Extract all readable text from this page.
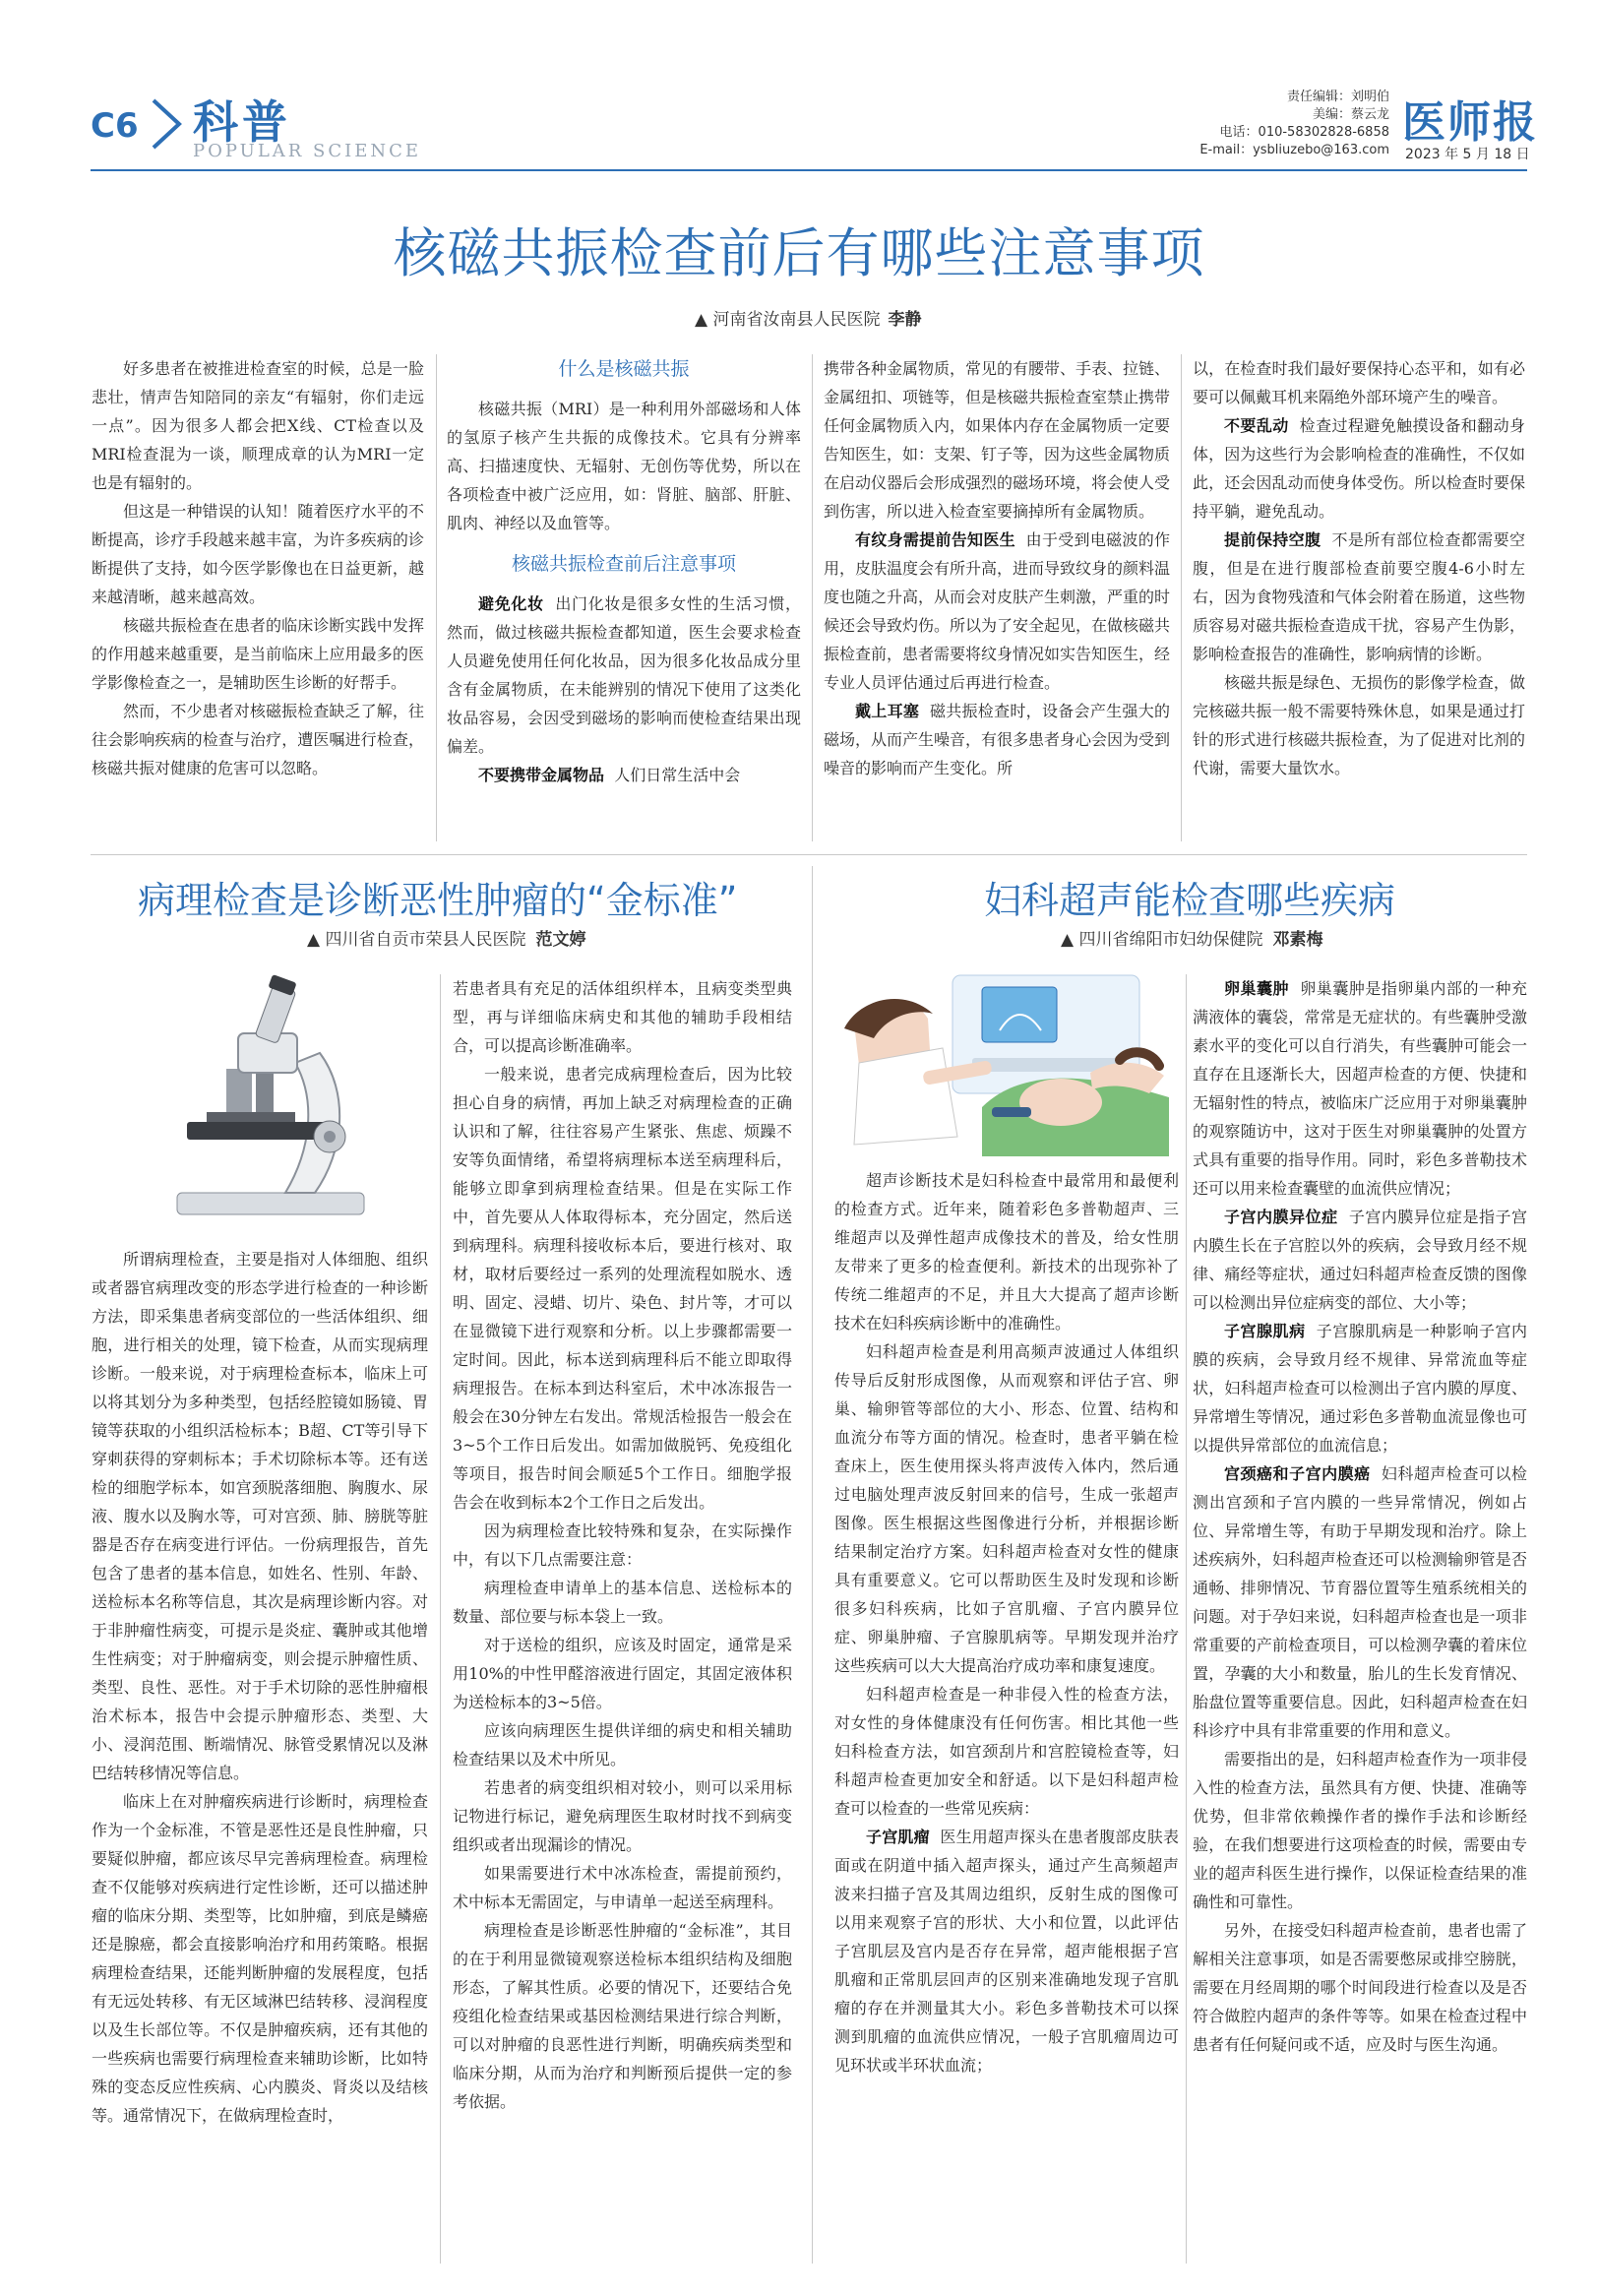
C6 科普
POPULAR SCIENCE
责任编辑：刘明伯
美编：蔡云龙
电话：010-58302828-6858
E-mail：ysbliuzebo@163.com
医师报
2023 年 5 月 18 日
核磁共振检查前后有哪些注意事项
▲ 河南省汝南县人民医院 李静

好多患者在被推进检查室的时候，总是一脸悲壮，情声告知陪同的亲友“有辐射，你们走远一点”。因为很多人都会把X线、CT检查以及MRI检查混为一谈，顺理成章的认为MRI一定也是有辐射的。

但这是一种错误的认知！随着医疗水平的不断提高，诊疗手段越来越丰富，为许多疾病的诊断提供了支持，如今医学影像也在日益更新，越来越清晰，越来越高效。

核磁共振检查在患者的临床诊断实践中发挥的作用越来越重要，是当前临床上应用最多的医学影像检查之一，是辅助医生诊断的好帮手。

然而，不少患者对核磁振检查缺乏了解，往往会影响疾病的检查与治疗，遭医嘱进行检查，核磁共振对健康的危害可以忽略。

什么是核磁共振

核磁共振（MRI）是一种利用外部磁场和人体的氢原子核产生共振的成像技术。它具有分辨率高、扫描速度快、无辐射、无创伤等优势，所以在各项检查中被广泛应用，如：肾脏、脑部、肝脏、肌肉、神经以及血管等。

核磁共振检查前后注意事项

避免化妆 出门化妆是很多女性的生活习惯，然而，做过核磁共振检查都知道，医生会要求检查人员避免使用任何化妆品，因为很多化妆品成分里含有金属物质，在未能辨别的情况下使用了这类化妆品容易，会因受到磁场的影响而使检查结果出现偏差。

不要携带金属物品 人们日常生活中会

携带各种金属物质，常见的有腰带、手表、拉链、金属纽扣、项链等，但是核磁共振检查室禁止携带任何金属物质入内，如果体内存在金属物质一定要告知医生，如：支架、钉子等，因为这些金属物质在启动仪器后会形成强烈的磁场环境，将会使人受到伤害，所以进入检查室要摘掉所有金属物质。

有纹身需提前告知医生 由于受到电磁波的作用，皮肤温度会有所升高，进而导致纹身的颜料温度也随之升高，从而会对皮肤产生刺激，严重的时候还会导致灼伤。所以为了安全起见，在做核磁共振检查前，患者需要将纹身情况如实告知医生，经专业人员评估通过后再进行检查。

戴上耳塞 磁共振检查时，设备会产生强大的磁场，从而产生噪音，有很多患者身心会因为受到噪音的影响而产生变化。所

以，在检查时我们最好要保持心态平和，如有必要可以佩戴耳机来隔绝外部环境产生的噪音。

不要乱动 检查过程避免触摸设备和翻动身体，因为这些行为会影响检查的准确性，不仅如此，还会因乱动而使身体受伤。所以检查时要保持平躺，避免乱动。

提前保持空腹 不是所有部位检查都需要空腹，但是在进行腹部检查前要空腹4-6小时左右，因为食物残渣和气体会附着在肠道，这些物质容易对磁共振检查造成干扰，容易产生伪影，影响检查报告的准确性，影响病情的诊断。

核磁共振是绿色、无损伤的影像学检查，做完核磁共振一般不需要特殊休息，如果是通过打针的形式进行核磁共振检查，为了促进对比剂的代谢，需要大量饮水。

病理检查是诊断恶性肿瘤的“金标准”
▲ 四川省自贡市荣县人民医院 范文婷

所谓病理检查，主要是指对人体细胞、组织或者器官病理改变的形态学进行检查的一种诊断方法，即采集患者病变部位的一些活体组织、细胞，进行相关的处理，镜下检查，从而实现病理诊断。一般来说，对于病理检查标本，临床上可以将其划分为多种类型，包括经腔镜如肠镜、胃镜等获取的小组织活检标本；B超、CT等引导下穿刺获得的穿刺标本；手术切除标本等。还有送检的细胞学标本，如宫颈脱落细胞、胸腹水、尿液、腹水以及胸水等，可对宫颈、肺、膀胱等脏器是否存在病变进行评估。一份病理报告，首先包含了患者的基本信息，如姓名、性别、年龄、送检标本名称等信息，其次是病理诊断内容。对于非肿瘤性病变，可提示是炎症、囊肿或其他增生性病变；对于肿瘤病变，则会提示肿瘤性质、类型、良性、恶性。对于手术切除的恶性肿瘤根治术标本，报告中会提示肿瘤形态、类型、大小、浸润范围、断端情况、脉管受累情况以及淋巴结转移情况等信息。

临床上在对肿瘤疾病进行诊断时，病理检查作为一个金标准，不管是恶性还是良性肿瘤，只要疑似肿瘤，都应该尽早完善病理检查。病理检查不仅能够对疾病进行定性诊断，还可以描述肿瘤的临床分期、类型等，比如肿瘤，到底是鳞癌还是腺癌，都会直接影响治疗和用药策略。根据病理检查结果，还能判断肿瘤的发展程度，包括有无远处转移、有无区域淋巴结转移、浸润程度以及生长部位等。不仅是肿瘤疾病，还有其他的一些疾病也需要行病理检查来辅助诊断，比如特殊的变态反应性疾病、心内膜炎、肾炎以及结核等。通常情况下，在做病理检查时，

若患者具有充足的活体组织样本，且病变类型典型，再与详细临床病史和其他的辅助手段相结合，可以提高诊断准确率。

一般来说，患者完成病理检查后，因为比较担心自身的病情，再加上缺乏对病理检查的正确认识和了解，往往容易产生紧张、焦虑、烦躁不安等负面情绪，希望将病理标本送至病理科后，能够立即拿到病理检查结果。但是在实际工作中，首先要从人体取得标本，充分固定，然后送到病理科。病理科接收标本后，要进行核对、取材，取材后要经过一系列的处理流程如脱水、透明、固定、浸蜡、切片、染色、封片等，才可以在显微镜下进行观察和分析。以上步骤都需要一定时间。因此，标本送到病理科后不能立即取得病理报告。在标本到达科室后，术中冰冻报告一般会在30分钟左右发出。常规活检报告一般会在3~5个工作日后发出。如需加做脱钙、免疫组化等项目，报告时间会顺延5个工作日。细胞学报告会在收到标本2个工作日之后发出。

因为病理检查比较特殊和复杂，在实际操作中，有以下几点需要注意：

病理检查申请单上的基本信息、送检标本的数量、部位要与标本袋上一致。

对于送检的组织，应该及时固定，通常是采用10%的中性甲醛溶液进行固定，其固定液体积为送检标本的3~5倍。

应该向病理医生提供详细的病史和相关辅助检查结果以及术中所见。

若患者的病变组织相对较小，则可以采用标记物进行标记，避免病理医生取材时找不到病变组织或者出现漏诊的情况。

如果需要进行术中冰冻检查，需提前预约，术中标本无需固定，与申请单一起送至病理科。

病理检查是诊断恶性肿瘤的“金标准”，其目的在于利用显微镜观察送检标本组织结构及细胞形态，了解其性质。必要的情况下，还要结合免疫组化检查结果或基因检测结果进行综合判断，可以对肿瘤的良恶性进行判断，明确疾病类型和临床分期，从而为治疗和判断预后提供一定的参考依据。

妇科超声能检查哪些疾病
▲ 四川省绵阳市妇幼保健院 邓素梅

超声诊断技术是妇科检查中最常用和最便利的检查方式。近年来，随着彩色多普勒超声、三维超声以及弹性超声成像技术的普及，给女性朋友带来了更多的检查便利。新技术的出现弥补了传统二维超声的不足，并且大大提高了超声诊断技术在妇科疾病诊断中的准确性。

妇科超声检查是利用高频声波通过人体组织传导后反射形成图像，从而观察和评估子宫、卵巢、输卵管等部位的大小、形态、位置、结构和血流分布等方面的情况。检查时，患者平躺在检查床上，医生使用探头将声波传入体内，然后通过电脑处理声波反射回来的信号，生成一张超声图像。医生根据这些图像进行分析，并根据诊断结果制定治疗方案。妇科超声检查对女性的健康具有重要意义。它可以帮助医生及时发现和诊断很多妇科疾病，比如子宫肌瘤、子宫内膜异位症、卵巢肿瘤、子宫腺肌病等。早期发现并治疗这些疾病可以大大提高治疗成功率和康复速度。

妇科超声检查是一种非侵入性的检查方法，对女性的身体健康没有任何伤害。相比其他一些妇科检查方法，如宫颈刮片和宫腔镜检查等，妇科超声检查更加安全和舒适。以下是妇科超声检查可以检查的一些常见疾病：

子宫肌瘤 医生用超声探头在患者腹部皮肤表面或在阴道中插入超声探头，通过产生高频超声波来扫描子宫及其周边组织，反射生成的图像可以用来观察子宫的形状、大小和位置，以此评估子宫肌层及宫内是否存在异常，超声能根据子宫肌瘤和正常肌层回声的区别来准确地发现子宫肌瘤的存在并测量其大小。彩色多普勒技术可以探测到肌瘤的血流供应情况，一般子宫肌瘤周边可见环状或半环状血流；

卵巢囊肿 卵巢囊肿是指卵巢内部的一种充满液体的囊袋，常常是无症状的。有些囊肿受激素水平的变化可以自行消失，有些囊肿可能会一直存在且逐渐长大，因超声检查的方便、快捷和无辐射性的特点，被临床广泛应用于对卵巢囊肿的观察随访中，这对于医生对卵巢囊肿的处置方式具有重要的指导作用。同时，彩色多普勒技术还可以用来检查囊壁的血流供应情况；

子宫内膜异位症 子宫内膜异位症是指子宫内膜生长在子宫腔以外的疾病，会导致月经不规律、痛经等症状，通过妇科超声检查反馈的图像可以检测出异位症病变的部位、大小等；

子宫腺肌病 子宫腺肌病是一种影响子宫内膜的疾病，会导致月经不规律、异常流血等症状，妇科超声检查可以检测出子宫内膜的厚度、异常增生等情况，通过彩色多普勒血流显像也可以提供异常部位的血流信息；

宫颈癌和子宫内膜癌 妇科超声检查可以检测出宫颈和子宫内膜的一些异常情况，例如占位、异常增生等，有助于早期发现和治疗。除上述疾病外，妇科超声检查还可以检测输卵管是否通畅、排卵情况、节育器位置等生殖系统相关的问题。对于孕妇来说，妇科超声检查也是一项非常重要的产前检查项目，可以检测孕囊的着床位置，孕囊的大小和数量，胎儿的生长发育情况、胎盘位置等重要信息。因此，妇科超声检查在妇科诊疗中具有非常重要的作用和意义。

需要指出的是，妇科超声检查作为一项非侵入性的检查方法，虽然具有方便、快捷、准确等优势，但非常依赖操作者的操作手法和诊断经验，在我们想要进行这项检查的时候，需要由专业的超声科医生进行操作，以保证检查结果的准确性和可靠性。

另外，在接受妇科超声检查前，患者也需了解相关注意事项，如是否需要憋尿或排空膀胱，需要在月经周期的哪个时间段进行检查以及是否符合做腔内超声的条件等等。如果在检查过程中患者有任何疑问或不适，应及时与医生沟通。
